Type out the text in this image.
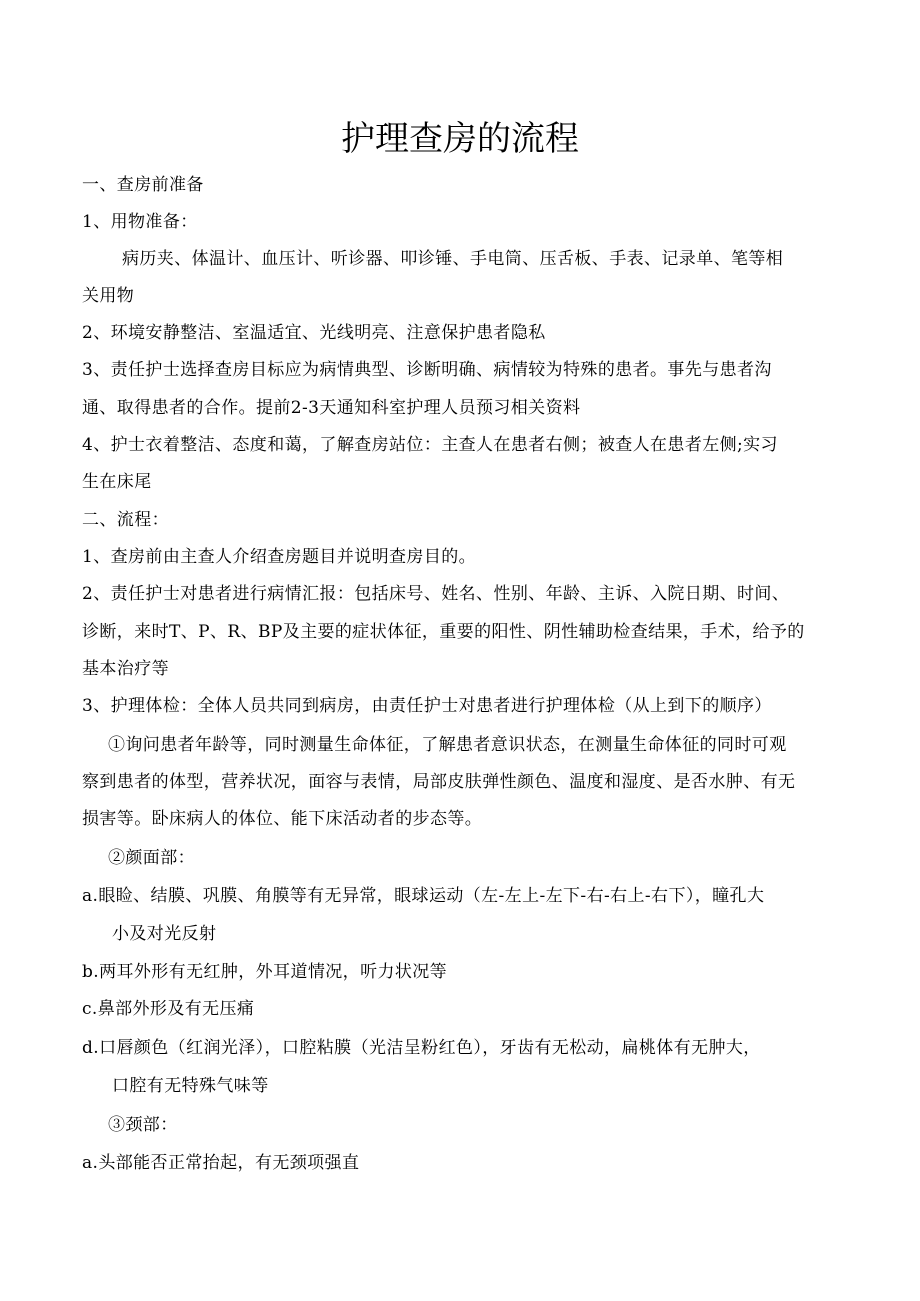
护理查房的流程
一、查房前准备
1、用物准备：
病历夹、体温计、血压计、听诊器、叩诊锤、手电筒、压舌板、手表、记录单、笔等相
关用物
2、环境安静整洁、室温适宜、光线明亮、注意保护患者隐私
3、责任护士选择查房目标应为病情典型、诊断明确、病情较为特殊的患者。事先与患者沟
通、取得患者的合作。提前2-3天通知科室护理人员预习相关资料
4、护士衣着整洁、态度和蔼，了解查房站位：主查人在患者右侧；被查人在患者左侧;实习
生在床尾
二、流程：
1、查房前由主查人介绍查房题目并说明查房目的。
2、责任护士对患者进行病情汇报：包括床号、姓名、性别、年龄、主诉、入院日期、时间、
诊断，来时T、P、R、BP及主要的症状体征，重要的阳性、阴性辅助检查结果，手术，给予的
基本治疗等
3、护理体检：全体人员共同到病房，由责任护士对患者进行护理体检（从上到下的顺序）
①询问患者年龄等，同时测量生命体征，了解患者意识状态，在测量生命体征的同时可观
察到患者的体型，营养状况，面容与表情，局部皮肤弹性颜色、温度和湿度、是否水肿、有无
损害等。卧床病人的体位、能下床活动者的步态等。
②颜面部：
a.眼睑、结膜、巩膜、角膜等有无异常，眼球运动（左-左上-左下-右-右上-右下），瞳孔大
小及对光反射
b.两耳外形有无红肿，外耳道情况，听力状况等
c.鼻部外形及有无压痛
d.口唇颜色（红润光泽），口腔粘膜（光洁呈粉红色），牙齿有无松动，扁桃体有无肿大，
口腔有无特殊气味等
③颈部：
a.头部能否正常抬起，有无颈项强直
